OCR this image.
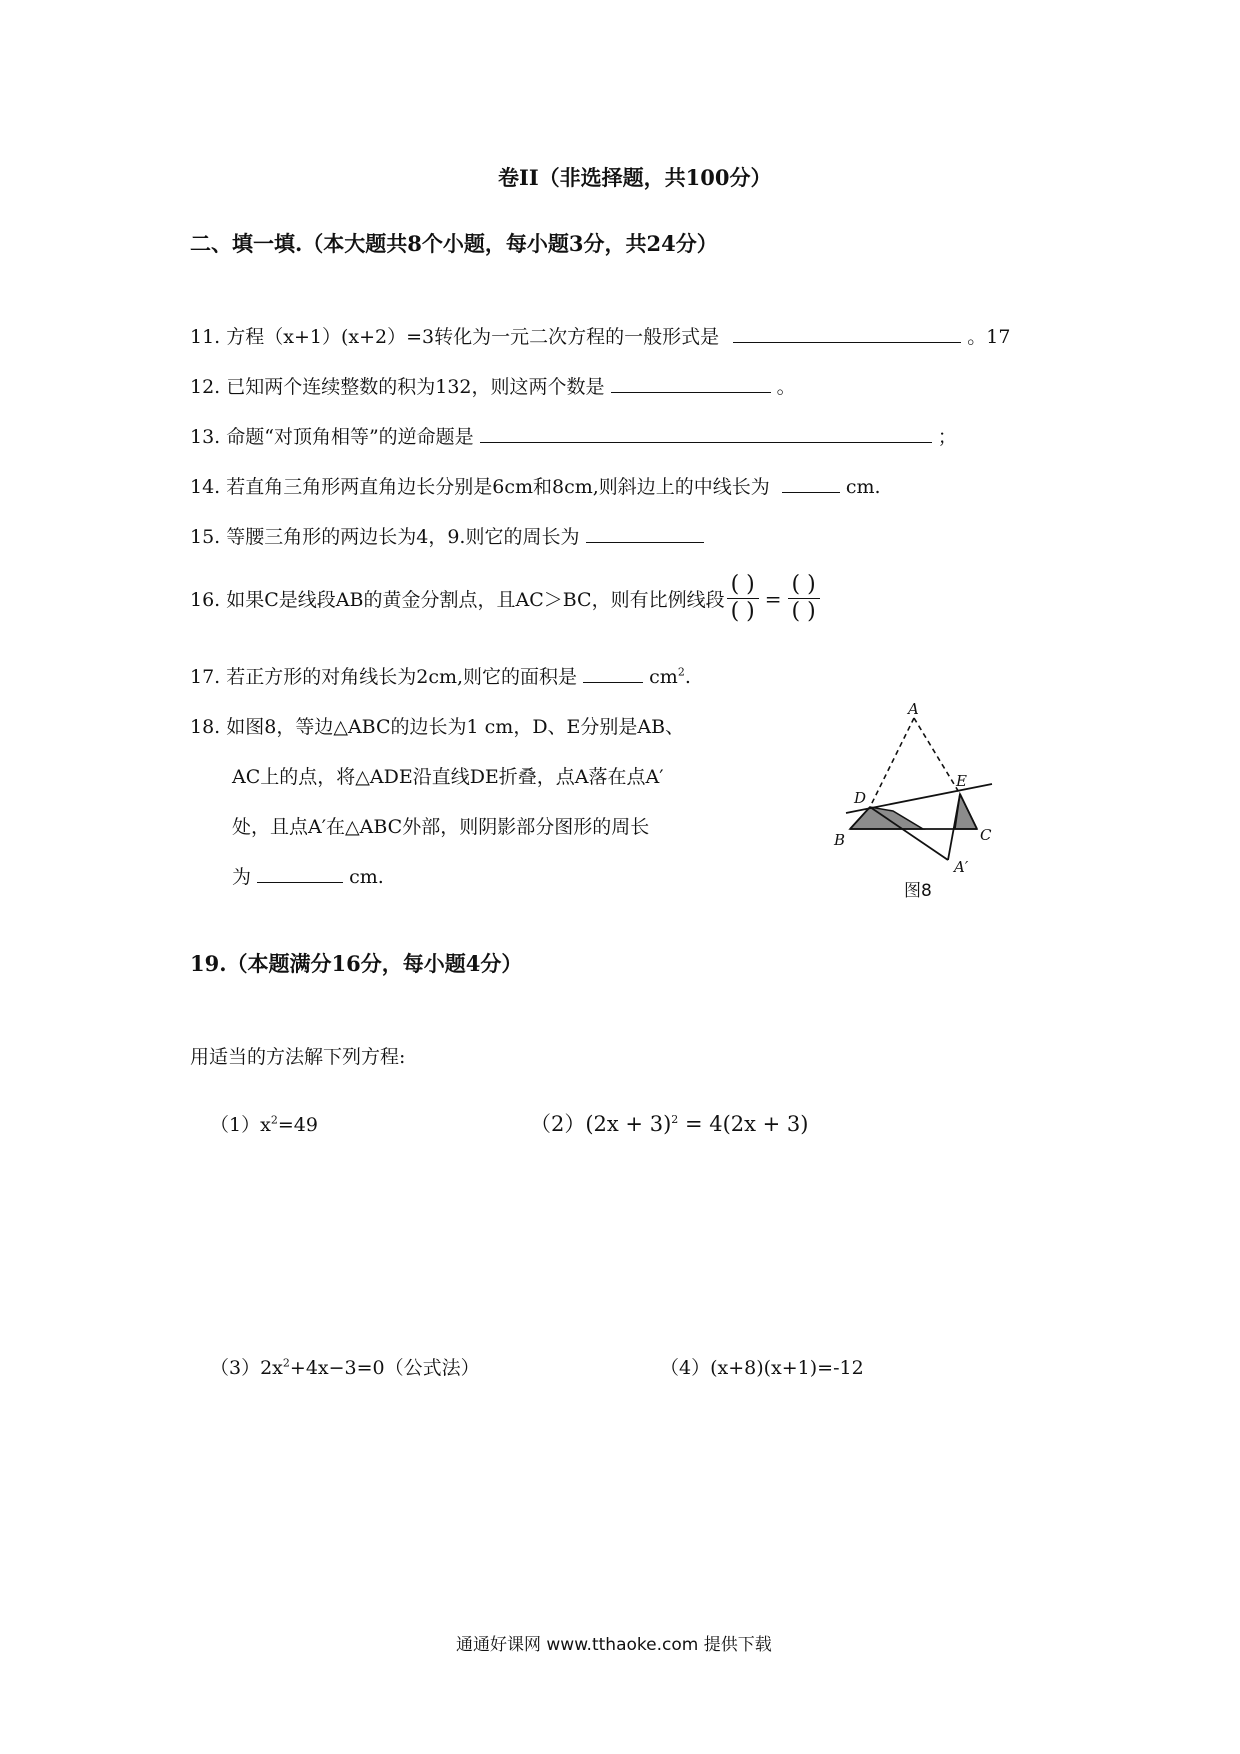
卷II（非选择题，共100分）
二、填一填.（本大题共8个小题，每小题3分，共24分）
11. 方程（x+1）(x+2）=3转化为一元二次方程的一般形式是	。17
12. 已知两个连续整数的积为132，则这两个数是	。
13. 命题“对顶角相等”的逆命题是	；
14. 若直角三角形两直角边长分别是6cm和8cm,则斜边上的中线长为	cm.
15. 等腰三角形的两边长为4，9.则它的周长为
16. 如果C是线段AB的黄金分割点，且AC＞BC，则有比例线段 $\frac{( )}{( )} = \frac{( )}{( )}$
17. 若正方形的对角线长为2cm,则它的面积是	$cm^2$.
18. 如图8，等边△ABC的边长为1 cm，D、E分别是AB、
AC上的点，将△ADE沿直线DE折叠，点A落在点A′
处，且点A′在△ABC外部，则阴影部分图形的周长
为	cm.
A
B	C
D
E
A′
图8
19.（本题满分16分，每小题4分）
用适当的方法解下列方程:
$(1)x^2=49$	$(2)(2x + 3)^2 = 4(2x + 3)$
$(3)2x^2+4x-3=0$（公式法）	（4）(x+8)(x+1)=-12
通通好课网 www.tthaoke.com 提供下载
